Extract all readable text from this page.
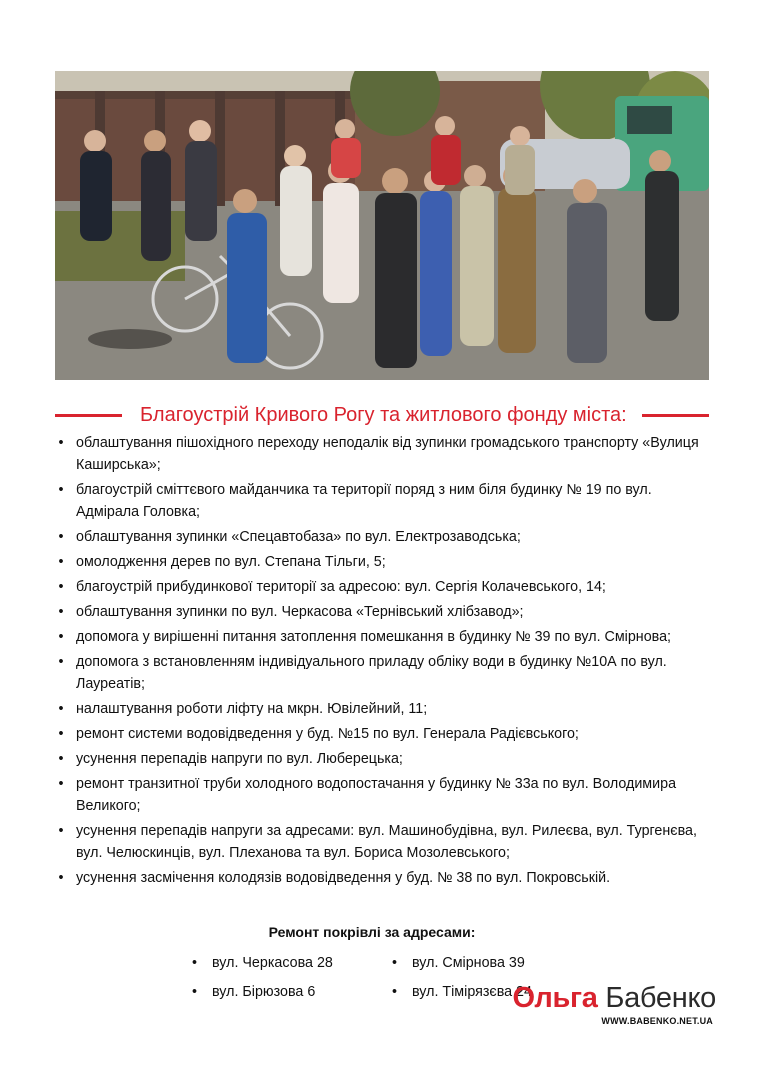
Благоустрій Кривого Рогу та житлового фонду міста:
• облаштування пішохідного переходу неподалік від зупинки громадського транспорту «Вулиця Каширська»;
• благоустрій сміттєвого майданчика та території поряд з ним біля будинку № 19 по вул. Адмірала Головка;
• облаштування зупинки «Спецавтобаза» по вул. Електрозаводська;
• омолодження дерев по вул. Степана Тільги, 5;
• благоустрій прибудинкової території за адресою: вул. Сергія Колачевського, 14;
• облаштування зупинки по вул. Черкасова «Тернівський хлібзавод»;
• допомога у вирішенні питання затоплення помешкання в будинку № 39 по вул. Смірнова;
• допомога з встановленням індивідуального приладу обліку води в будинку №10А по вул. Лауреатів;
• налаштування роботи ліфту на мкрн. Ювілейний, 11;
• ремонт системи водовідведення у буд. №15 по вул. Генерала Радієвського;
• усунення перепадів напруги по вул. Люберецька;
• ремонт транзитної труби холодного водопостачання у будинку № 33а по вул. Володимира Великого;
• усунення перепадів напруги за адресами: вул. Машинобудівна, вул. Рилеєва, вул. Тургенєва, вул. Челюскинців, вул. Плеханова та вул. Бориса Мозолевського;
• усунення засмічення колодязів водовідведення у буд. № 38 по вул. Покровській.
Ремонт покрівлі за адресами:
• вул. Черкасова 28	• вул. Смірнова 39
• вул. Бірюзова 6	• вул. Тімірязєва 24
Ольга Бабенко
WWW.BABENKO.NET.UA
